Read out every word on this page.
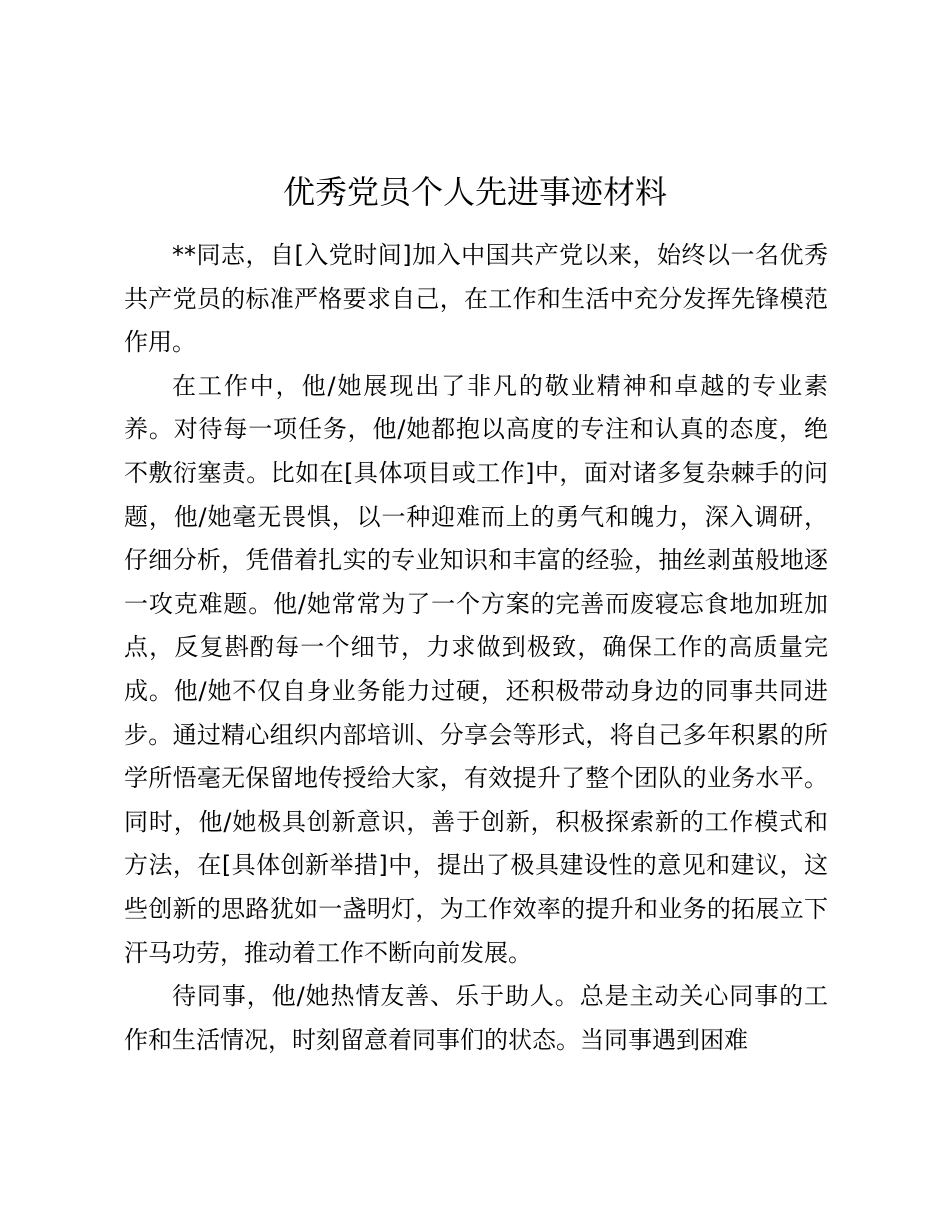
优秀党员个人先进事迹材料

**同志，自[入党时间]加入中国共产党以来，始终以一名优秀共产党员的标准严格要求自己，在工作和生活中充分发挥先锋模范作用。

在工作中，他/她展现出了非凡的敬业精神和卓越的专业素养。对待每一项任务，他/她都抱以高度的专注和认真的态度，绝不敷衍塞责。比如在[具体项目或工作]中，面对诸多复杂棘手的问题，他/她毫无畏惧，以一种迎难而上的勇气和魄力，深入调研，仔细分析，凭借着扎实的专业知识和丰富的经验，抽丝剥茧般地逐一攻克难题。他/她常常为了一个方案的完善而废寝忘食地加班加点，反复斟酌每一个细节，力求做到极致，确保工作的高质量完成。他/她不仅自身业务能力过硬，还积极带动身边的同事共同进步。通过精心组织内部培训、分享会等形式，将自己多年积累的所学所悟毫无保留地传授给大家，有效提升了整个团队的业务水平。同时，他/她极具创新意识，善于创新，积极探索新的工作模式和方法，在[具体创新举措]中，提出了极具建设性的意见和建议，这些创新的思路犹如一盏明灯，为工作效率的提升和业务的拓展立下汗马功劳，推动着工作不断向前发展。

待同事，他/她热情友善、乐于助人。总是主动关心同事的工作和生活情况，时刻留意着同事们的状态。当同事遇到困难
